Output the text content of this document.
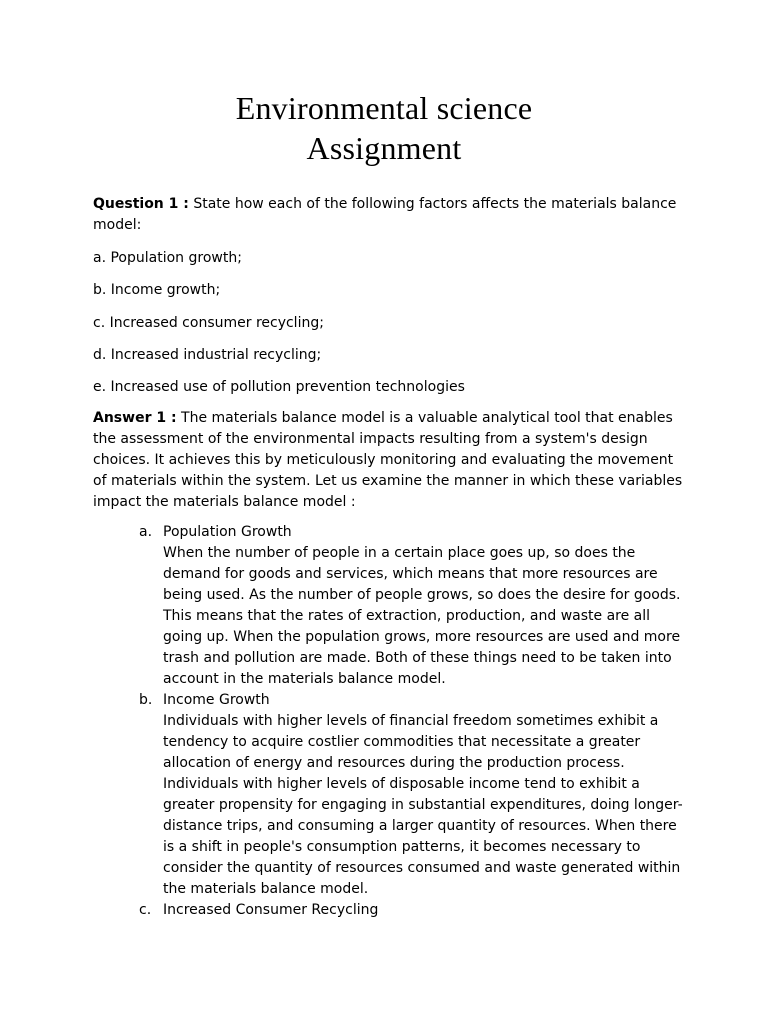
Environmental science
Assignment
Question 1 : State how each of the following factors affects the materials balance model:
a. Population growth;
b. Income growth;
c. Increased consumer recycling;
d. Increased industrial recycling;
e. Increased use of pollution prevention technologies
Answer 1 : The materials balance model is a valuable analytical tool that enables the assessment of the environmental impacts resulting from a system's design choices. It achieves this by meticulously monitoring and evaluating the movement of materials within the system. Let us examine the manner in which these variables impact the materials balance model :
a. Population Growth
When the number of people in a certain place goes up, so does the demand for goods and services, which means that more resources are being used. As the number of people grows, so does the desire for goods. This means that the rates of extraction, production, and waste are all going up. When the population grows, more resources are used and more trash and pollution are made. Both of these things need to be taken into account in the materials balance model.
b. Income Growth
Individuals with higher levels of financial freedom sometimes exhibit a tendency to acquire costlier commodities that necessitate a greater allocation of energy and resources during the production process. Individuals with higher levels of disposable income tend to exhibit a greater propensity for engaging in substantial expenditures, doing longer-distance trips, and consuming a larger quantity of resources. When there is a shift in people's consumption patterns, it becomes necessary to consider the quantity of resources consumed and waste generated within the materials balance model.
c. Increased Consumer Recycling
